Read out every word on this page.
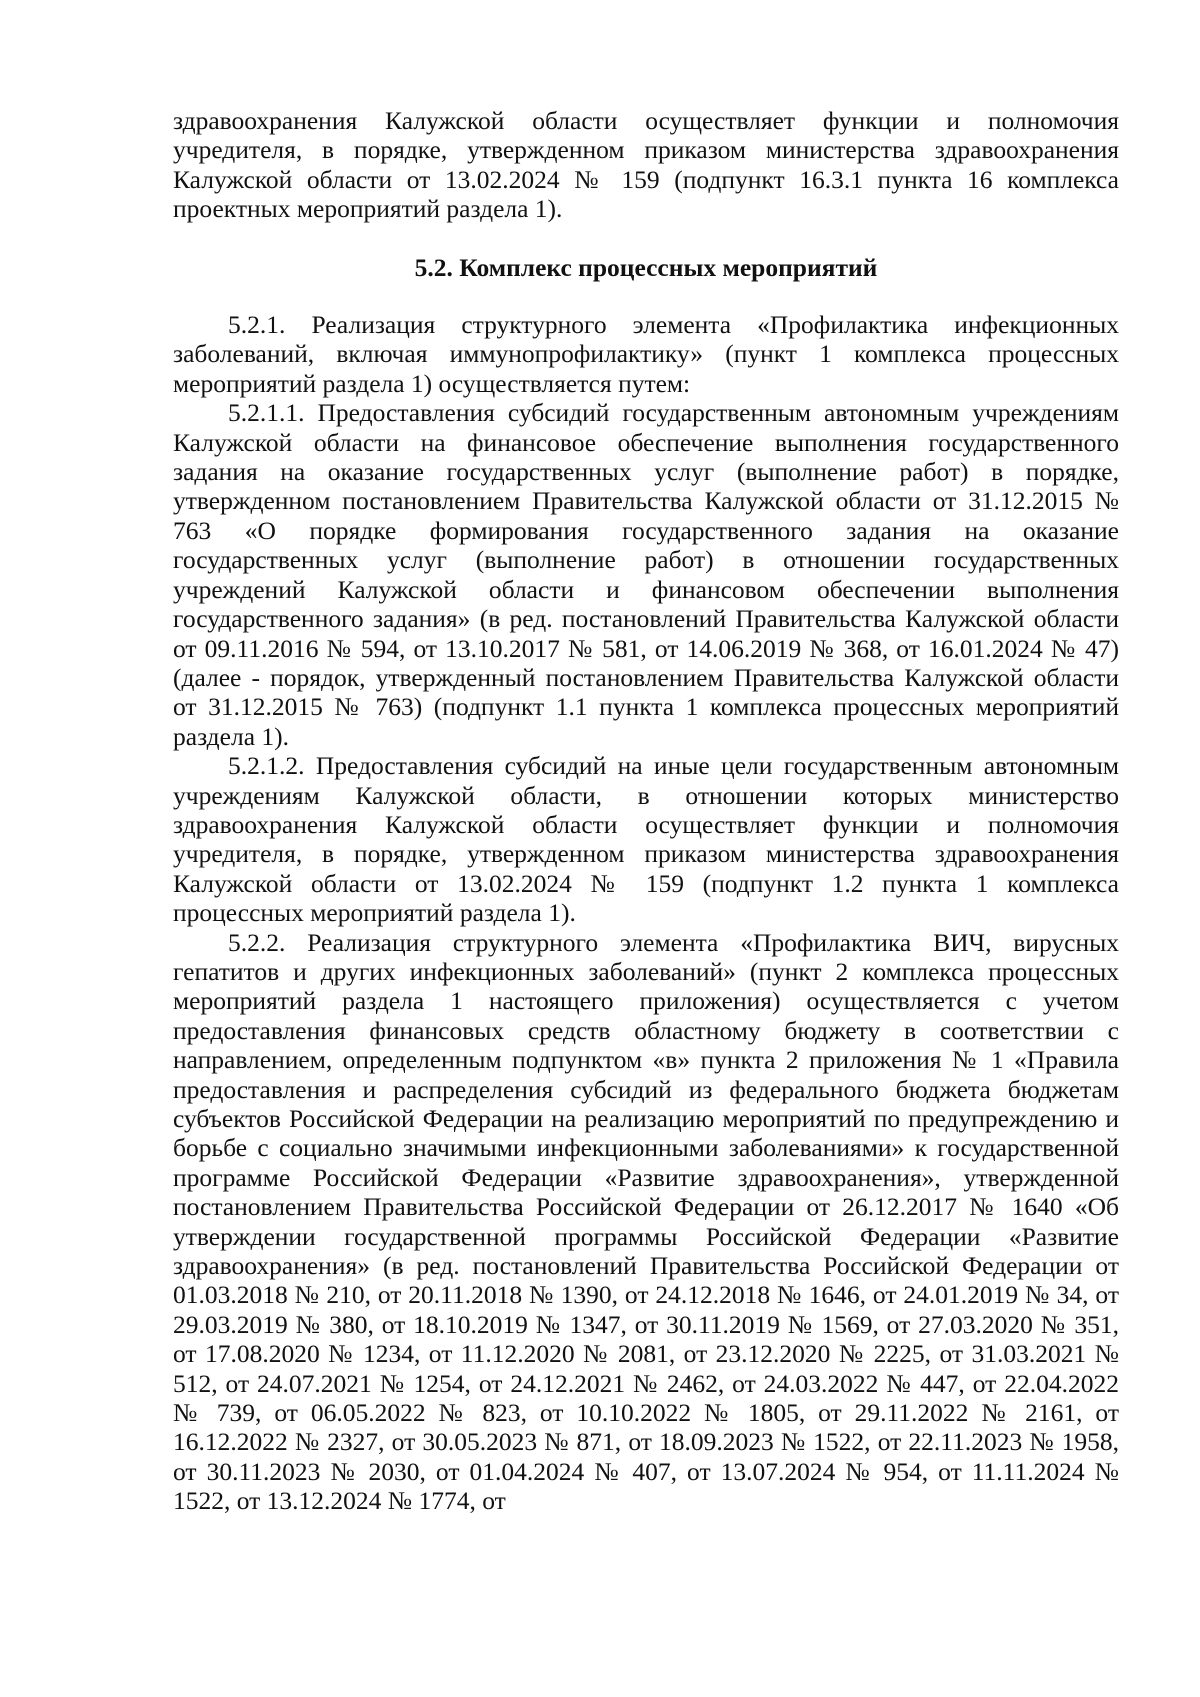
здравоохранения Калужской области осуществляет функции и полномочия учредителя, в порядке, утвержденном приказом министерства здравоохранения Калужской области от 13.02.2024 № 159 (подпункт 16.3.1 пункта 16 комплекса проектных мероприятий раздела 1).

5.2. Комплекс процессных мероприятий

5.2.1. Реализация структурного элемента «Профилактика инфекционных заболеваний, включая иммунопрофилактику» (пункт 1 комплекса процессных мероприятий раздела 1) осуществляется путем:

5.2.1.1. Предоставления субсидий государственным автономным учреждениям Калужской области на финансовое обеспечение выполнения государственного задания на оказание государственных услуг (выполнение работ) в порядке, утвержденном постановлением Правительства Калужской области от 31.12.2015 № 763 «О порядке формирования государственного задания на оказание государственных услуг (выполнение работ) в отношении государственных учреждений Калужской области и финансовом обеспечении выполнения государственного задания» (в ред. постановлений Правительства Калужской области от 09.11.2016 № 594, от 13.10.2017 № 581, от 14.06.2019 № 368, от 16.01.2024 № 47) (далее - порядок, утвержденный постановлением Правительства Калужской области от 31.12.2015 № 763) (подпункт 1.1 пункта 1 комплекса процессных мероприятий раздела 1).

5.2.1.2. Предоставления субсидий на иные цели государственным автономным учреждениям Калужской области, в отношении которых министерство здравоохранения Калужской области осуществляет функции и полномочия учредителя, в порядке, утвержденном приказом министерства здравоохранения Калужской области от 13.02.2024 № 159 (подпункт 1.2 пункта 1 комплекса процессных мероприятий раздела 1).

5.2.2. Реализация структурного элемента «Профилактика ВИЧ, вирусных гепатитов и других инфекционных заболеваний» (пункт 2 комплекса процессных мероприятий раздела 1 настоящего приложения) осуществляется с учетом предоставления финансовых средств областному бюджету в соответствии с направлением, определенным подпунктом «в» пункта 2 приложения № 1 «Правила предоставления и распределения субсидий из федерального бюджета бюджетам субъектов Российской Федерации на реализацию мероприятий по предупреждению и борьбе с социально значимыми инфекционными заболеваниями» к государственной программе Российской Федерации «Развитие здравоохранения», утвержденной постановлением Правительства Российской Федерации от 26.12.2017 № 1640 «Об утверждении государственной программы Российской Федерации «Развитие здравоохранения» (в ред. постановлений Правительства Российской Федерации от 01.03.2018 № 210, от 20.11.2018 № 1390, от 24.12.2018 № 1646, от 24.01.2019 № 34, от 29.03.2019 № 380, от 18.10.2019 № 1347, от 30.11.2019 № 1569, от 27.03.2020 № 351, от 17.08.2020 № 1234, от 11.12.2020 № 2081, от 23.12.2020 № 2225, от 31.03.2021 № 512, от 24.07.2021 № 1254, от 24.12.2021 № 2462, от 24.03.2022 № 447, от 22.04.2022 № 739, от 06.05.2022 № 823, от 10.10.2022 № 1805, от 29.11.2022 № 2161, от 16.12.2022 № 2327, от 30.05.2023 № 871, от 18.09.2023 № 1522, от 22.11.2023 № 1958, от 30.11.2023 № 2030, от 01.04.2024 № 407, от 13.07.2024 № 954, от 11.11.2024 № 1522, от 13.12.2024 № 1774, от
